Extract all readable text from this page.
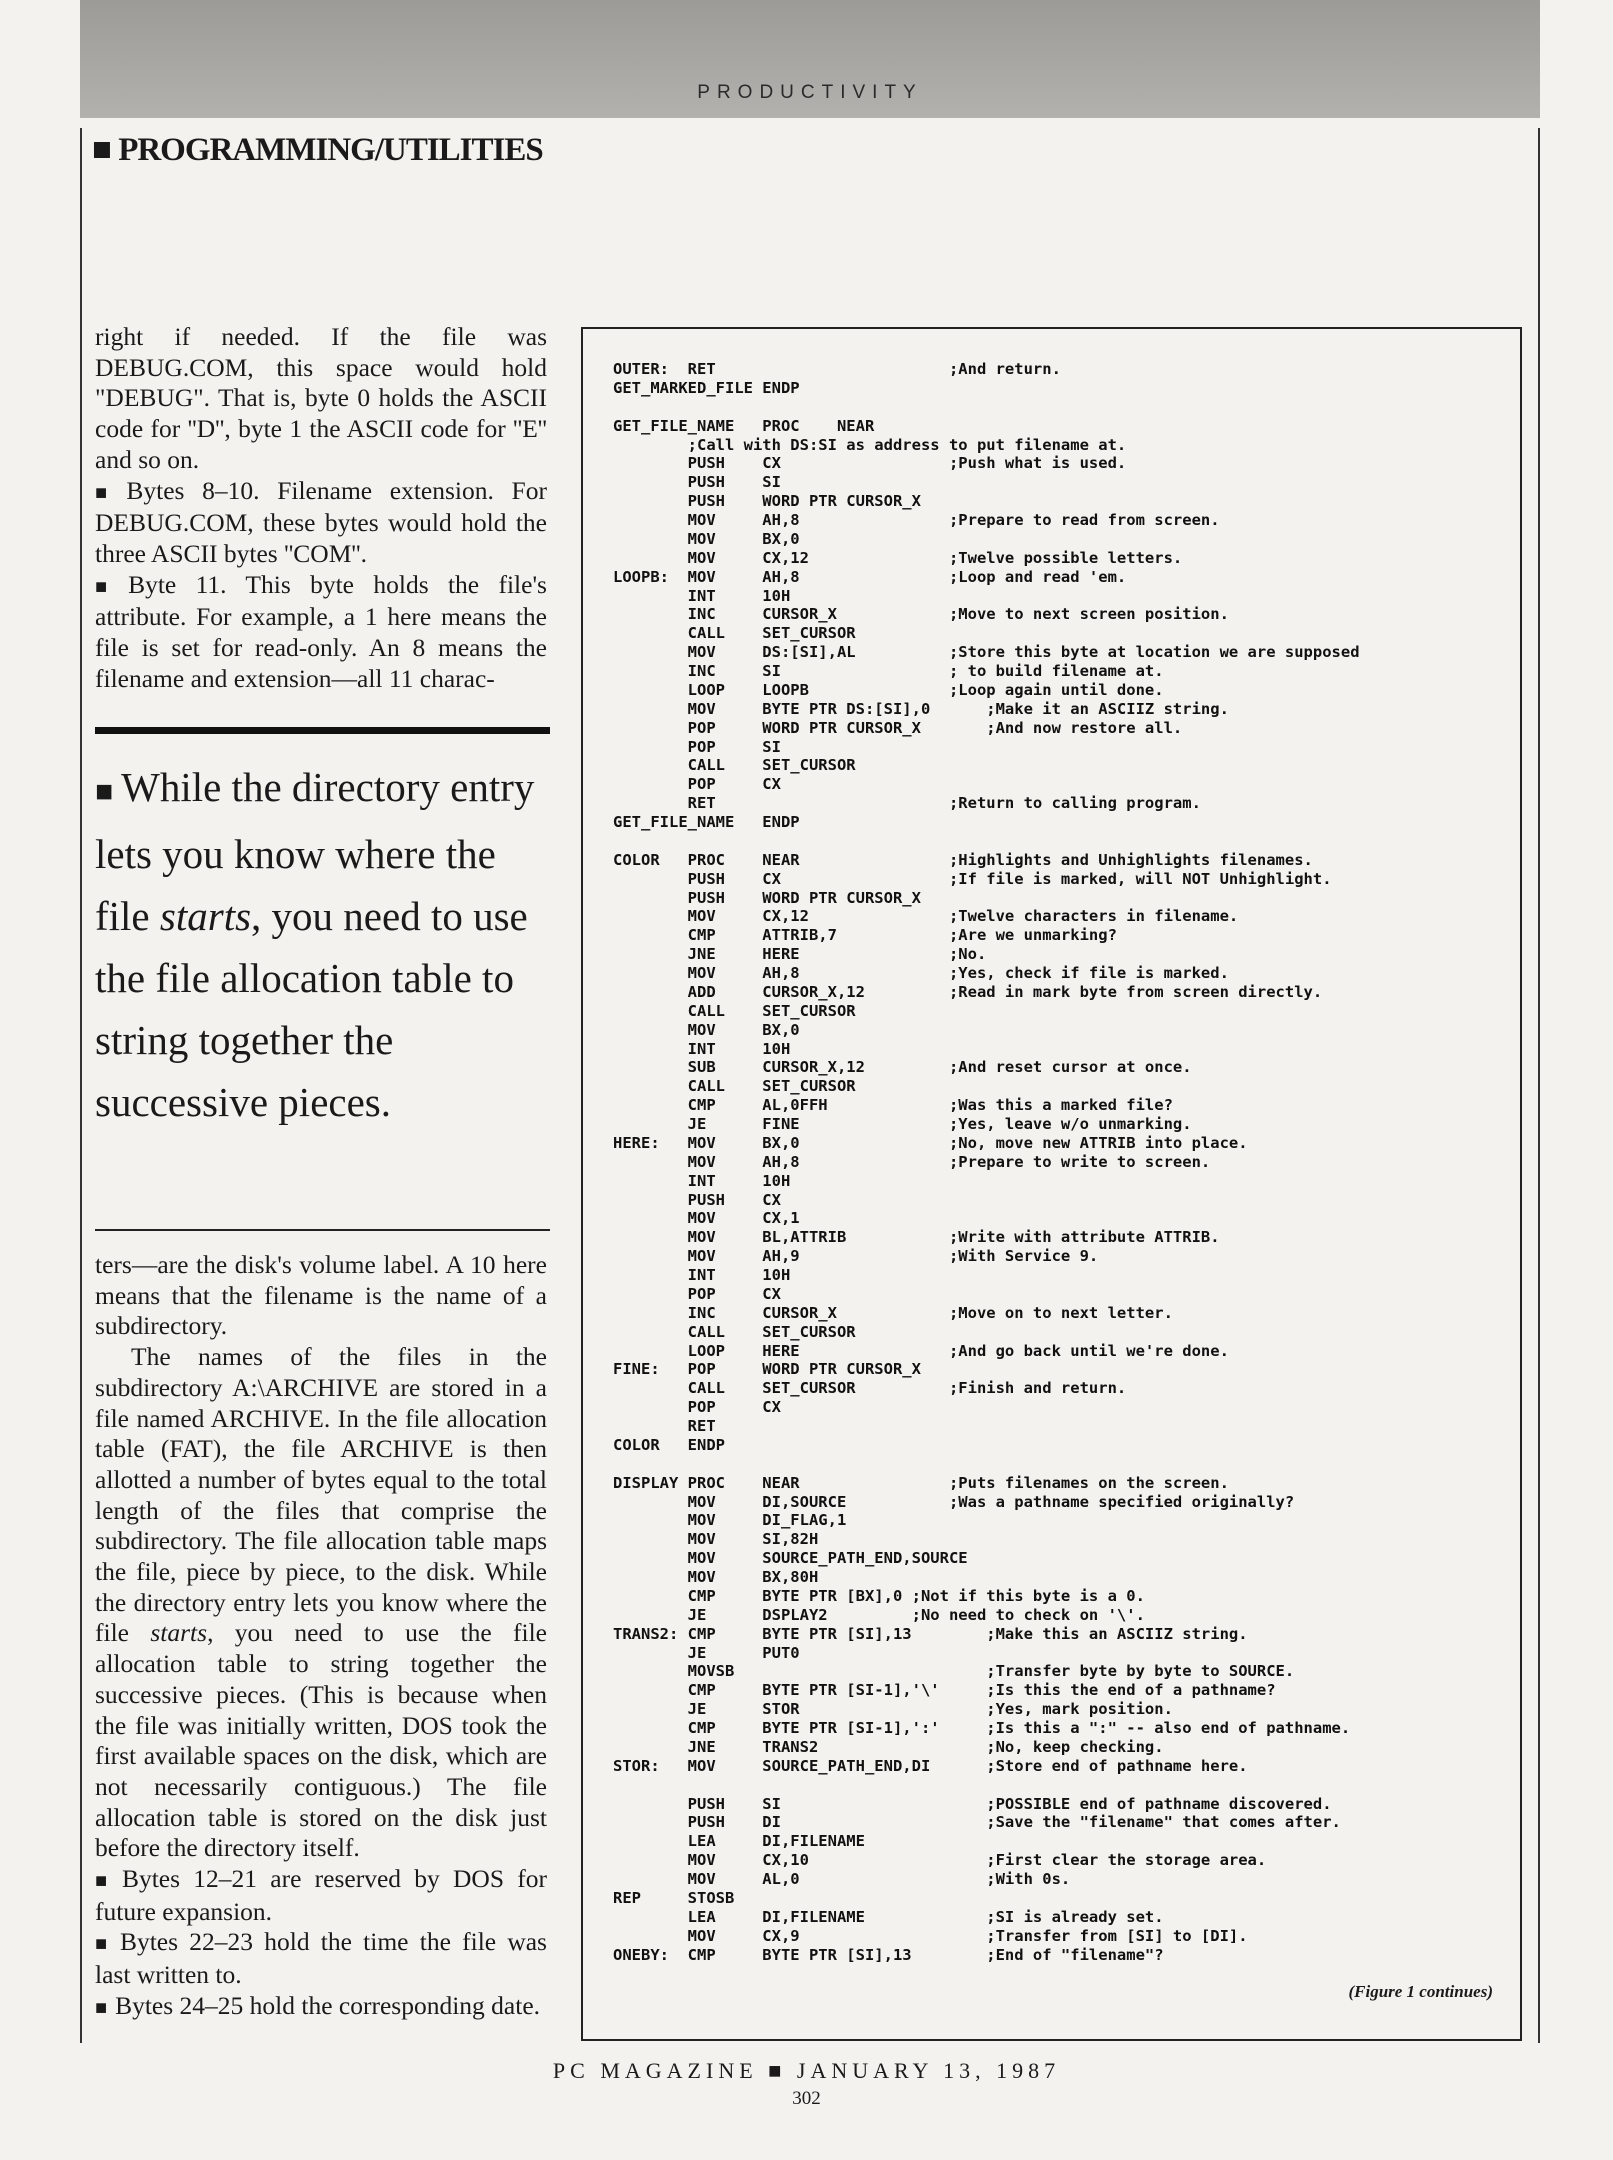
PRODUCTIVITY
■ PROGRAMMING/UTILITIES

right if needed. If the file was DEBUG.COM, this space would hold "DEBUG". That is, byte 0 holds the ASCII code for ''D'', byte 1 the ASCII code for ''E'' and so on.

■ Bytes 8–10. Filename extension. For DEBUG.COM, these bytes would hold the three ASCII bytes ''COM''.

■ Byte 11. This byte holds the file's attribute. For example, a 1 here means the file is set for read-only. An 8 means the filename and extension—all 11 charac-

■ While the directory entry lets you know where the file starts, you need to use the file allocation table to string together the successive pieces.

ters—are the disk's volume label. A 10 here means that the filename is the name of a subdirectory.

The names of the files in the subdirectory A:\ARCHIVE are stored in a file named ARCHIVE. In the file allocation table (FAT), the file ARCHIVE is then allotted a number of bytes equal to the total length of the files that comprise the subdirectory. The file allocation table maps the file, piece by piece, to the disk. While the directory entry lets you know where the file starts, you need to use the file allocation table to string together the successive pieces. (This is because when the file was initially written, DOS took the first available spaces on the disk, which are not necessarily contiguous.) The file allocation table is stored on the disk just before the directory itself.

■ Bytes 12–21 are reserved by DOS for future expansion.

■ Bytes 22–23 hold the time the file was last written to.

■ Bytes 24–25 hold the corresponding date.

OUTER:  RET                         ;And return.
GET_MARKED_FILE ENDP

GET_FILE_NAME   PROC    NEAR
;Call with DS:SI as address to put filename at.
PUSH    CX                  ;Push what is used.
PUSH    SI
PUSH    WORD PTR CURSOR_X
MOV     AH,8                ;Prepare to read from screen.
MOV     BX,0
MOV     CX,12               ;Twelve possible letters.
LOOPB:  MOV     AH,8                ;Loop and read 'em.
INT     10H
INC     CURSOR_X            ;Move to next screen position.
CALL    SET_CURSOR
MOV     DS:[SI],AL          ;Store this byte at location we are supposed
INC     SI                  ; to build filename at.
LOOP    LOOPB               ;Loop again until done.
MOV     BYTE PTR DS:[SI],0      ;Make it an ASCIIZ string.
POP     WORD PTR CURSOR_X       ;And now restore all.
POP     SI
CALL    SET_CURSOR
POP     CX
RET                         ;Return to calling program.
GET_FILE_NAME   ENDP

COLOR   PROC    NEAR                ;Highlights and Unhighlights filenames.
PUSH    CX                  ;If file is marked, will NOT Unhighlight.
PUSH    WORD PTR CURSOR_X
MOV     CX,12               ;Twelve characters in filename.
CMP     ATTRIB,7            ;Are we unmarking?
JNE     HERE                ;No.
MOV     AH,8                ;Yes, check if file is marked.
ADD     CURSOR_X,12         ;Read in mark byte from screen directly.
CALL    SET_CURSOR
MOV     BX,0
INT     10H
SUB     CURSOR_X,12         ;And reset cursor at once.
CALL    SET_CURSOR
CMP     AL,0FFH             ;Was this a marked file?
JE      FINE                ;Yes, leave w/o unmarking.
HERE:   MOV     BX,0                ;No, move new ATTRIB into place.
MOV     AH,8                ;Prepare to write to screen.
INT     10H
PUSH    CX
MOV     CX,1
MOV     BL,ATTRIB           ;Write with attribute ATTRIB.
MOV     AH,9                ;With Service 9.
INT     10H
POP     CX
INC     CURSOR_X            ;Move on to next letter.
CALL    SET_CURSOR
LOOP    HERE                ;And go back until we're done.
FINE:   POP     WORD PTR CURSOR_X
CALL    SET_CURSOR          ;Finish and return.
POP     CX
RET
COLOR   ENDP

DISPLAY PROC    NEAR                ;Puts filenames on the screen.
MOV     DI,SOURCE           ;Was a pathname specified originally?
MOV     DI_FLAG,1
MOV     SI,82H
MOV     SOURCE_PATH_END,SOURCE
MOV     BX,80H
CMP     BYTE PTR [BX],0 ;Not if this byte is a 0.
JE      DSPLAY2         ;No need to check on '\'.
TRANS2: CMP     BYTE PTR [SI],13        ;Make this an ASCIIZ string.
JE      PUT0
MOVSB                           ;Transfer byte by byte to SOURCE.
CMP     BYTE PTR [SI-1],'\'     ;Is this the end of a pathname?
JE      STOR                    ;Yes, mark position.
CMP     BYTE PTR [SI-1],':'     ;Is this a ":" -- also end of pathname.
JNE     TRANS2                  ;No, keep checking.
STOR:   MOV     SOURCE_PATH_END,DI      ;Store end of pathname here.

PUSH    SI                      ;POSSIBLE end of pathname discovered.
PUSH    DI                      ;Save the "filename" that comes after.
LEA     DI,FILENAME
MOV     CX,10                   ;First clear the storage area.
MOV     AL,0                    ;With 0s.
REP     STOSB
LEA     DI,FILENAME             ;SI is already set.
MOV     CX,9                    ;Transfer from [SI] to [DI].
ONEBY:  CMP     BYTE PTR [SI],13        ;End of "filename"?
(Figure 1 continues)
PC MAGAZINE ■ JANUARY 13, 1987
302
